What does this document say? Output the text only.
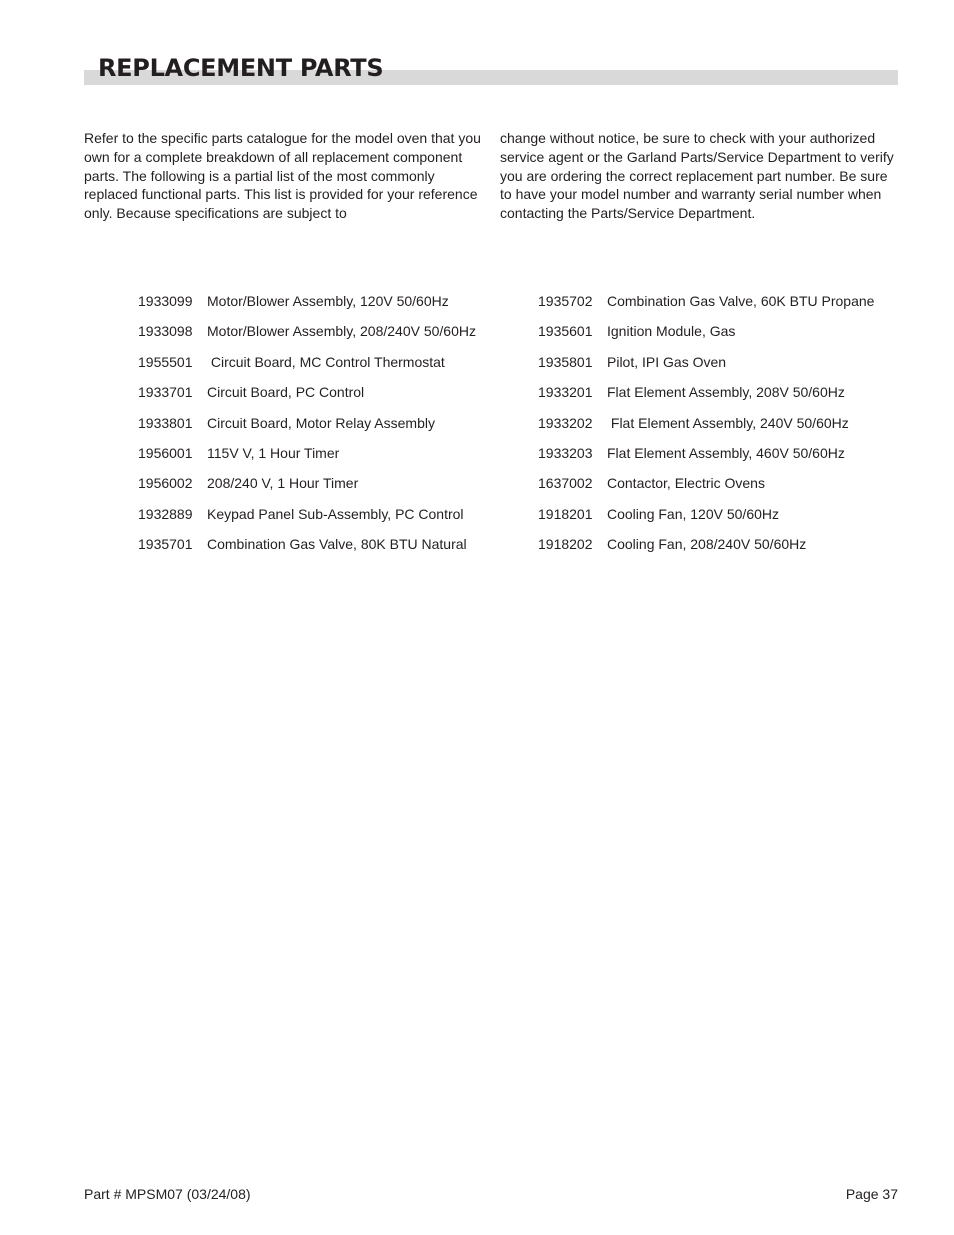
REPLACEMENT PARTS
Refer to the specific parts catalogue for the model oven that you own for a complete breakdown of all replacement component parts. The following is a partial list of the most commonly replaced functional parts. This list is provided for your reference only. Because specifications are subject to
change without notice, be sure to check with your authorized service agent or the Garland Parts/Service Department to verify you are ordering the correct replacement part number. Be sure to have your model number and warranty serial number when contacting the Parts/Service Department.
1933099	Motor/Blower Assembly, 120V 50/60Hz
1933098	Motor/Blower Assembly, 208/240V 50/60Hz
1955501	Circuit Board, MC Control Thermostat
1933701	Circuit Board, PC Control
1933801	Circuit Board, Motor Relay Assembly
1956001	115V V, 1 Hour Timer
1956002	208/240 V, 1 Hour Timer
1932889	Keypad Panel Sub-Assembly, PC Control
1935701	Combination Gas Valve, 80K BTU Natural
1935702	Combination Gas Valve, 60K BTU Propane
1935601	Ignition Module, Gas
1935801	Pilot, IPI Gas Oven
1933201	Flat Element Assembly, 208V 50/60Hz
1933202	Flat Element Assembly, 240V 50/60Hz
1933203	Flat Element Assembly, 460V 50/60Hz
1637002	Contactor, Electric Ovens
1918201	Cooling Fan, 120V 50/60Hz
1918202	Cooling Fan, 208/240V 50/60Hz
Part # MPSM07 (03/24/08)	Page 37
